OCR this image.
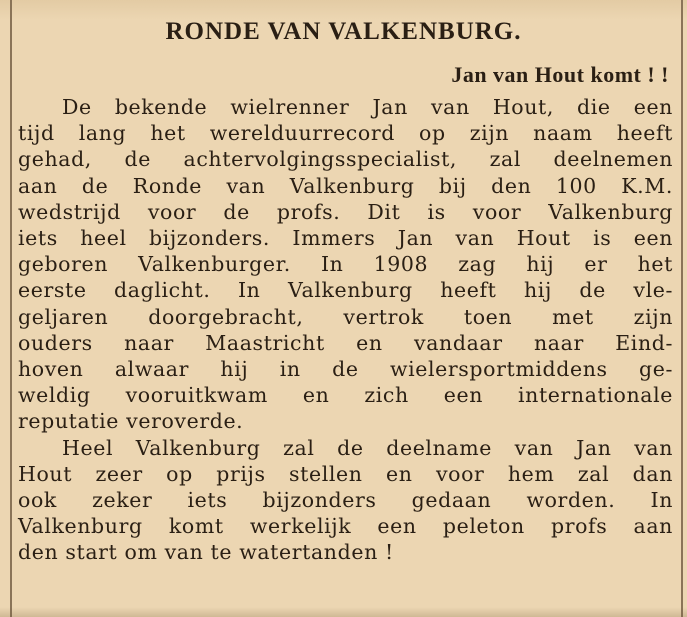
RONDE VAN VALKENBURG.
Jan van Hout komt ! !
De bekende wielrenner Jan van Hout, die een
tijd lang het werelduurrecord op zijn naam heeft
gehad, de achtervolgingsspecialist, zal deelnemen
aan de Ronde van Valkenburg bij den 100 K.M.
wedstrijd voor de profs. Dit is voor Valkenburg
iets heel bijzonders. Immers Jan van Hout is een
geboren Valkenburger. In 1908 zag hij er het
eerste daglicht. In Valkenburg heeft hij de vle-
geljaren doorgebracht, vertrok toen met zijn
ouders naar Maastricht en vandaar naar Eind-
hoven alwaar hij in de wielersportmiddens ge-
weldig vooruitkwam en zich een internationale
reputatie veroverde.
Heel Valkenburg zal de deelname van Jan van
Hout zeer op prijs stellen en voor hem zal dan
ook zeker iets bijzonders gedaan worden. In
Valkenburg komt werkelijk een peleton profs aan
den start om van te watertanden !
